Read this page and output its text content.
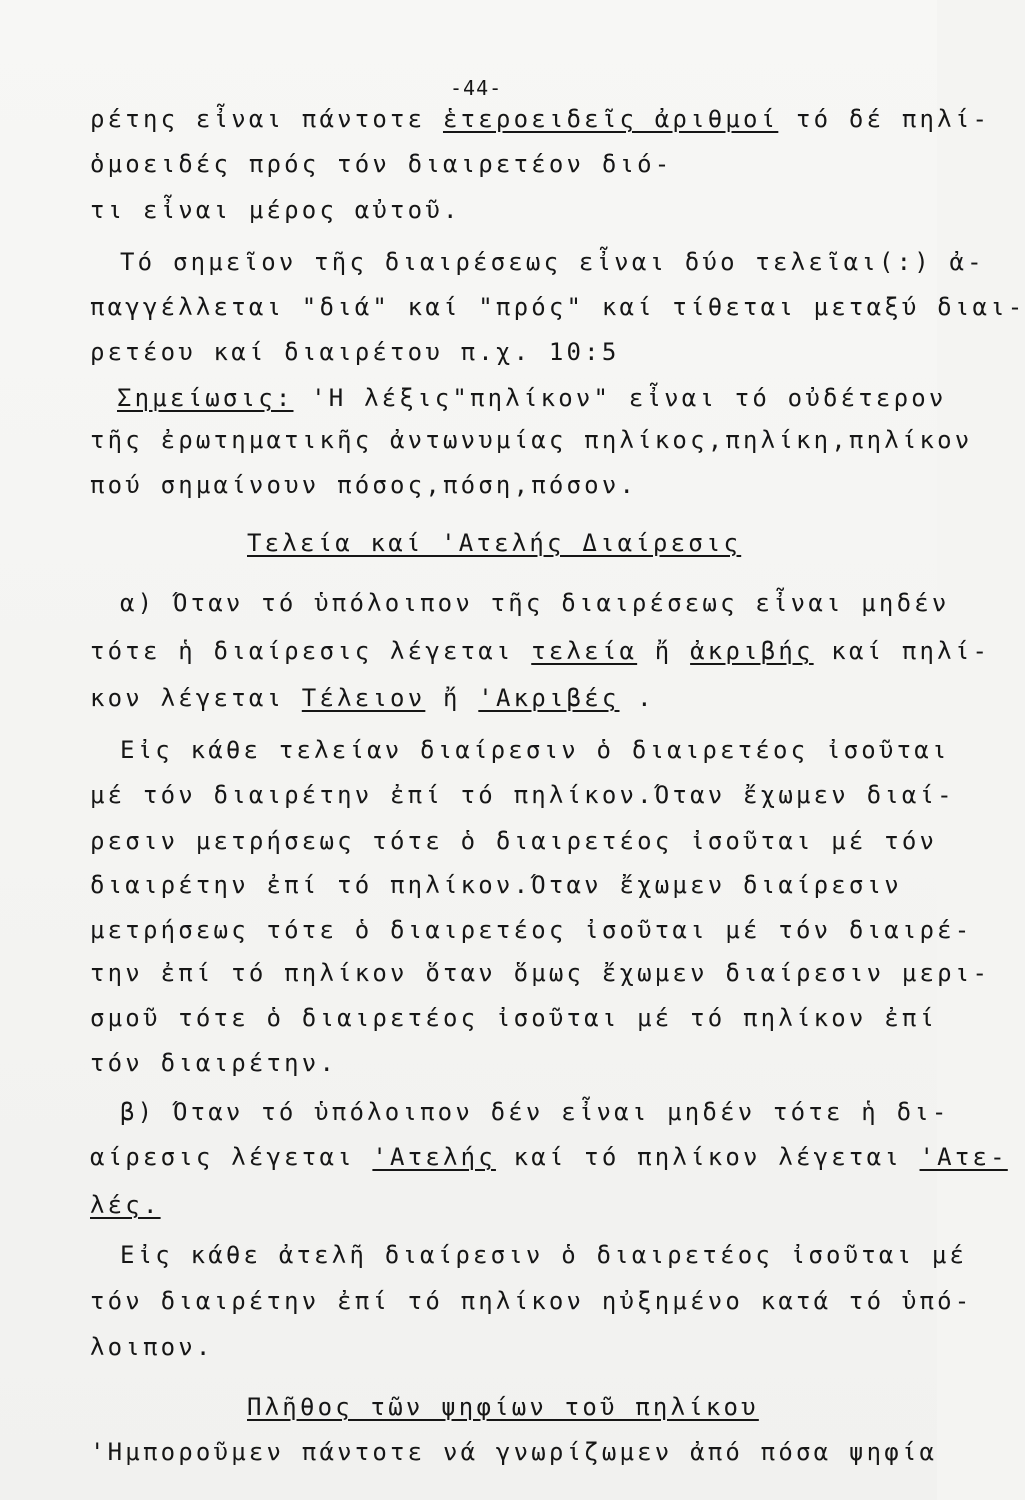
-44-
ρέτης εἶναι πάντοτε ἑτεροειδεῖς ἀριθμοί τό δέ πηλί-
ὁμοειδές πρός τόν διαιρετέον διό-
τι εἶναι μέρος αὐτοῦ.
Τό σημεῖον τῆς διαιρέσεως εἶναι δύο τελεῖαι(:) ἀ-
παγγέλλεται "διά" καί "πρός" καί τίθεται μεταξύ διαι-
ρετέου καί διαιρέτου π.χ. 10:5
Σημείωσις: 'Η λέξις"πηλίκον" εἶναι τό οὐδέτερον
τῆς ἐρωτηματικῆς ἀντωνυμίας πηλίκος,πηλίκη,πηλίκον
πού σημαίνουν πόσος,πόση,πόσον.
Τελεία καί 'Ατελής Διαίρεσις
α) Όταν τό ὑπόλοιπον τῆς διαιρέσεως εἶναι μηδέν
τότε ἡ διαίρεσις λέγεται τελεία ἤ ἀκριβής καί πηλί-
κον λέγεται Τέλειον ἤ 'Ακριβές .
Εἰς κάθε τελείαν διαίρεσιν ὁ διαιρετέος ἰσοῦται
μέ τόν διαιρέτην ἐπί τό πηλίκον.Όταν ἔχωμεν διαί-
ρεσιν μετρήσεως τότε ὁ διαιρετέος ἰσοῦται μέ τόν
διαιρέτην ἐπί τό πηλίκον.Όταν ἔχωμεν διαίρεσιν
μετρήσεως τότε ὁ διαιρετέος ἰσοῦται μέ τόν διαιρέ-
την ἐπί τό πηλίκον ὅταν ὅμως ἔχωμεν διαίρεσιν μερι-
σμοῦ τότε ὁ διαιρετέος ἰσοῦται μέ τό πηλίκον ἐπί
τόν διαιρέτην.
β) Όταν τό ὑπόλοιπον δέν εἶναι μηδέν τότε ἡ δι-
αίρεσις λέγεται 'Ατελής καί τό πηλίκον λέγεται 'Ατε-
λές.
Εἰς κάθε ἀτελῆ διαίρεσιν ὁ διαιρετέος ἰσοῦται μέ
τόν διαιρέτην ἐπί τό πηλίκον ηὐξημένο κατά τό ὑπό-
λοιπον.
Πλῆθος τῶν ψηφίων τοῦ πηλίκου
'Ημποροῦμεν πάντοτε νά γνωρίζωμεν ἀπό πόσα ψηφία
